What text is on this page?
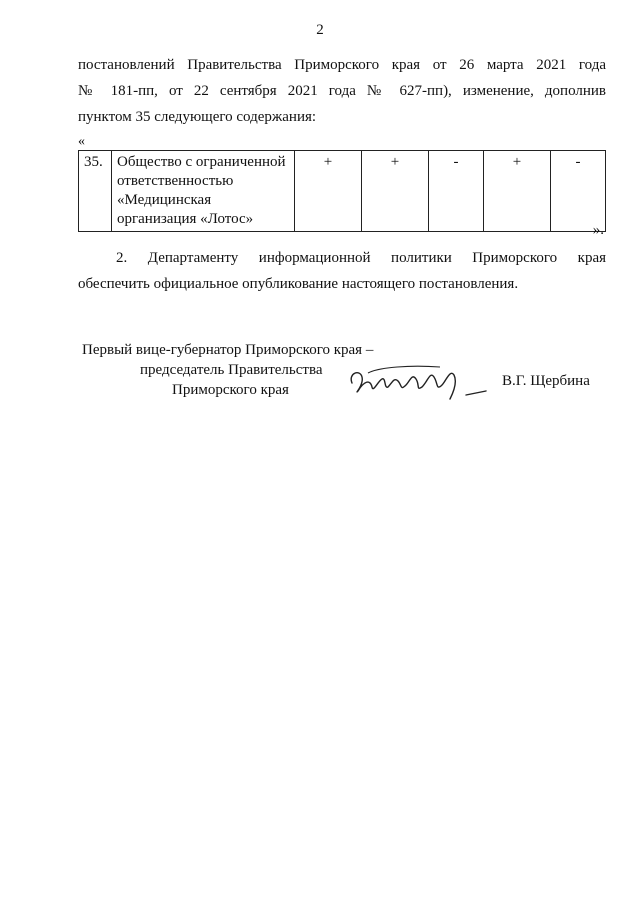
2
постановлений Правительства Приморского края от 26 марта 2021 года
№ 181-пп, от 22 сентября 2021 года № 627-пп), изменение, дополнив
пунктом 35 следующего содержания:
«
35.	Общество с ограниченной
ответственностью
«Медицинская
организация «Лотос»
	+	+	-	+	-
».
2. Департаменту информационной политики Приморского края
обеспечить официальное опубликование настоящего постановления.
Первый вице-губернатор Приморского края –
председатель Правительства
Приморского края
В.Г. Щербина
